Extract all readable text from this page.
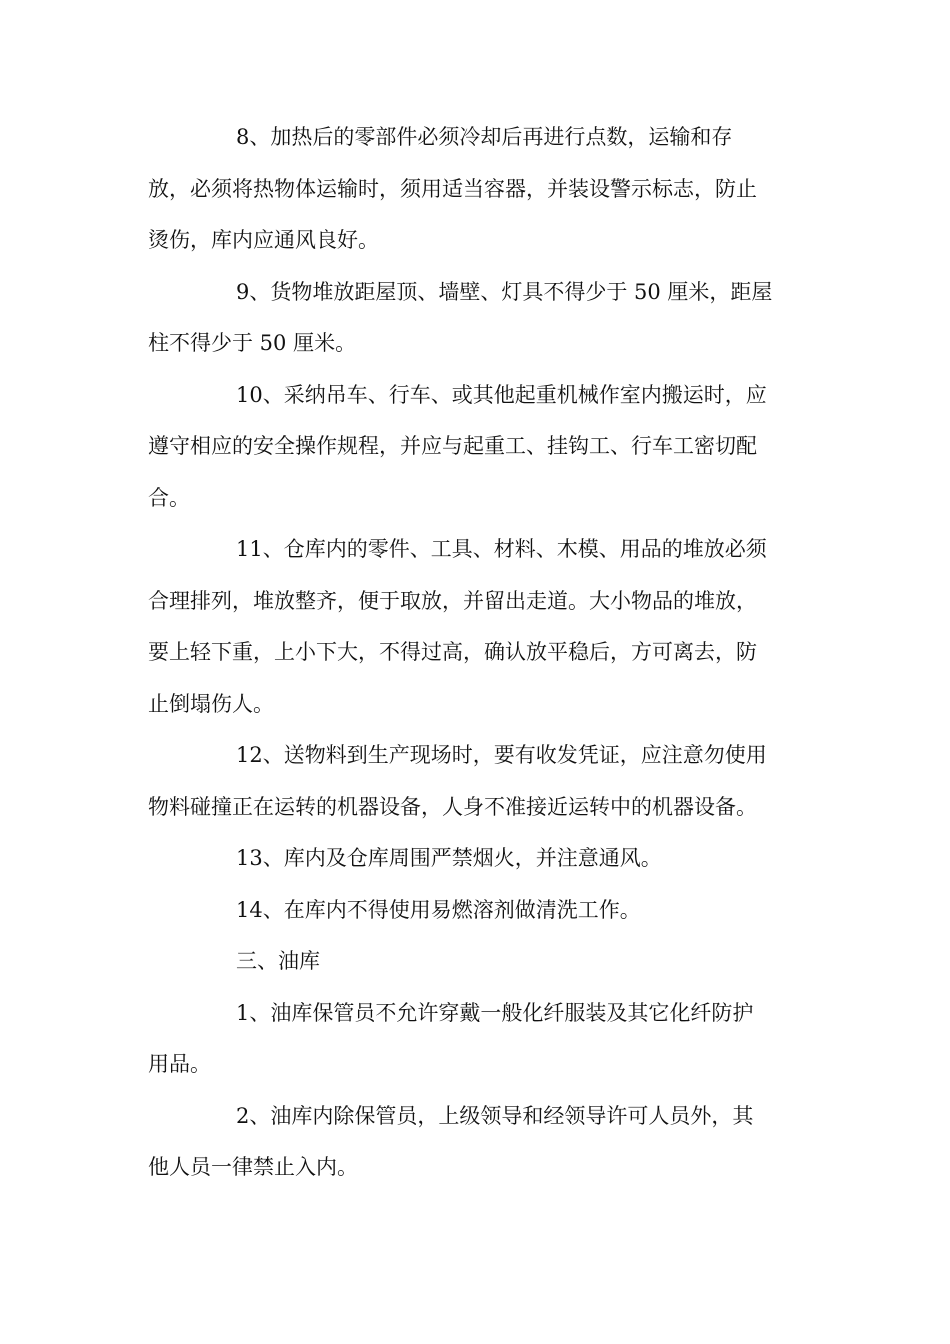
8、加热后的零部件必须冷却后再进行点数，运输和存
放，必须将热物体运输时，须用适当容器，并装设警示标志，防止
烫伤，库内应通风良好。
9、货物堆放距屋顶、墙壁、灯具不得少于 50 厘米，距屋
柱不得少于 50 厘米。
10、采纳吊车、行车、或其他起重机械作室内搬运时，应
遵守相应的安全操作规程，并应与起重工、挂钩工、行车工密切配
合。
11、仓库内的零件、工具、材料、木模、用品的堆放必须
合理排列，堆放整齐，便于取放，并留出走道。大小物品的堆放，
要上轻下重，上小下大，不得过高，确认放平稳后，方可离去，防
止倒塌伤人。
12、送物料到生产现场时，要有收发凭证，应注意勿使用
物料碰撞正在运转的机器设备，人身不准接近运转中的机器设备。
13、库内及仓库周围严禁烟火，并注意通风。
14、在库内不得使用易燃溶剂做清洗工作。
三、油库
1、油库保管员不允许穿戴一般化纤服装及其它化纤防护
用品。
2、油库内除保管员，上级领导和经领导许可人员外，其
他人员一律禁止入内。
